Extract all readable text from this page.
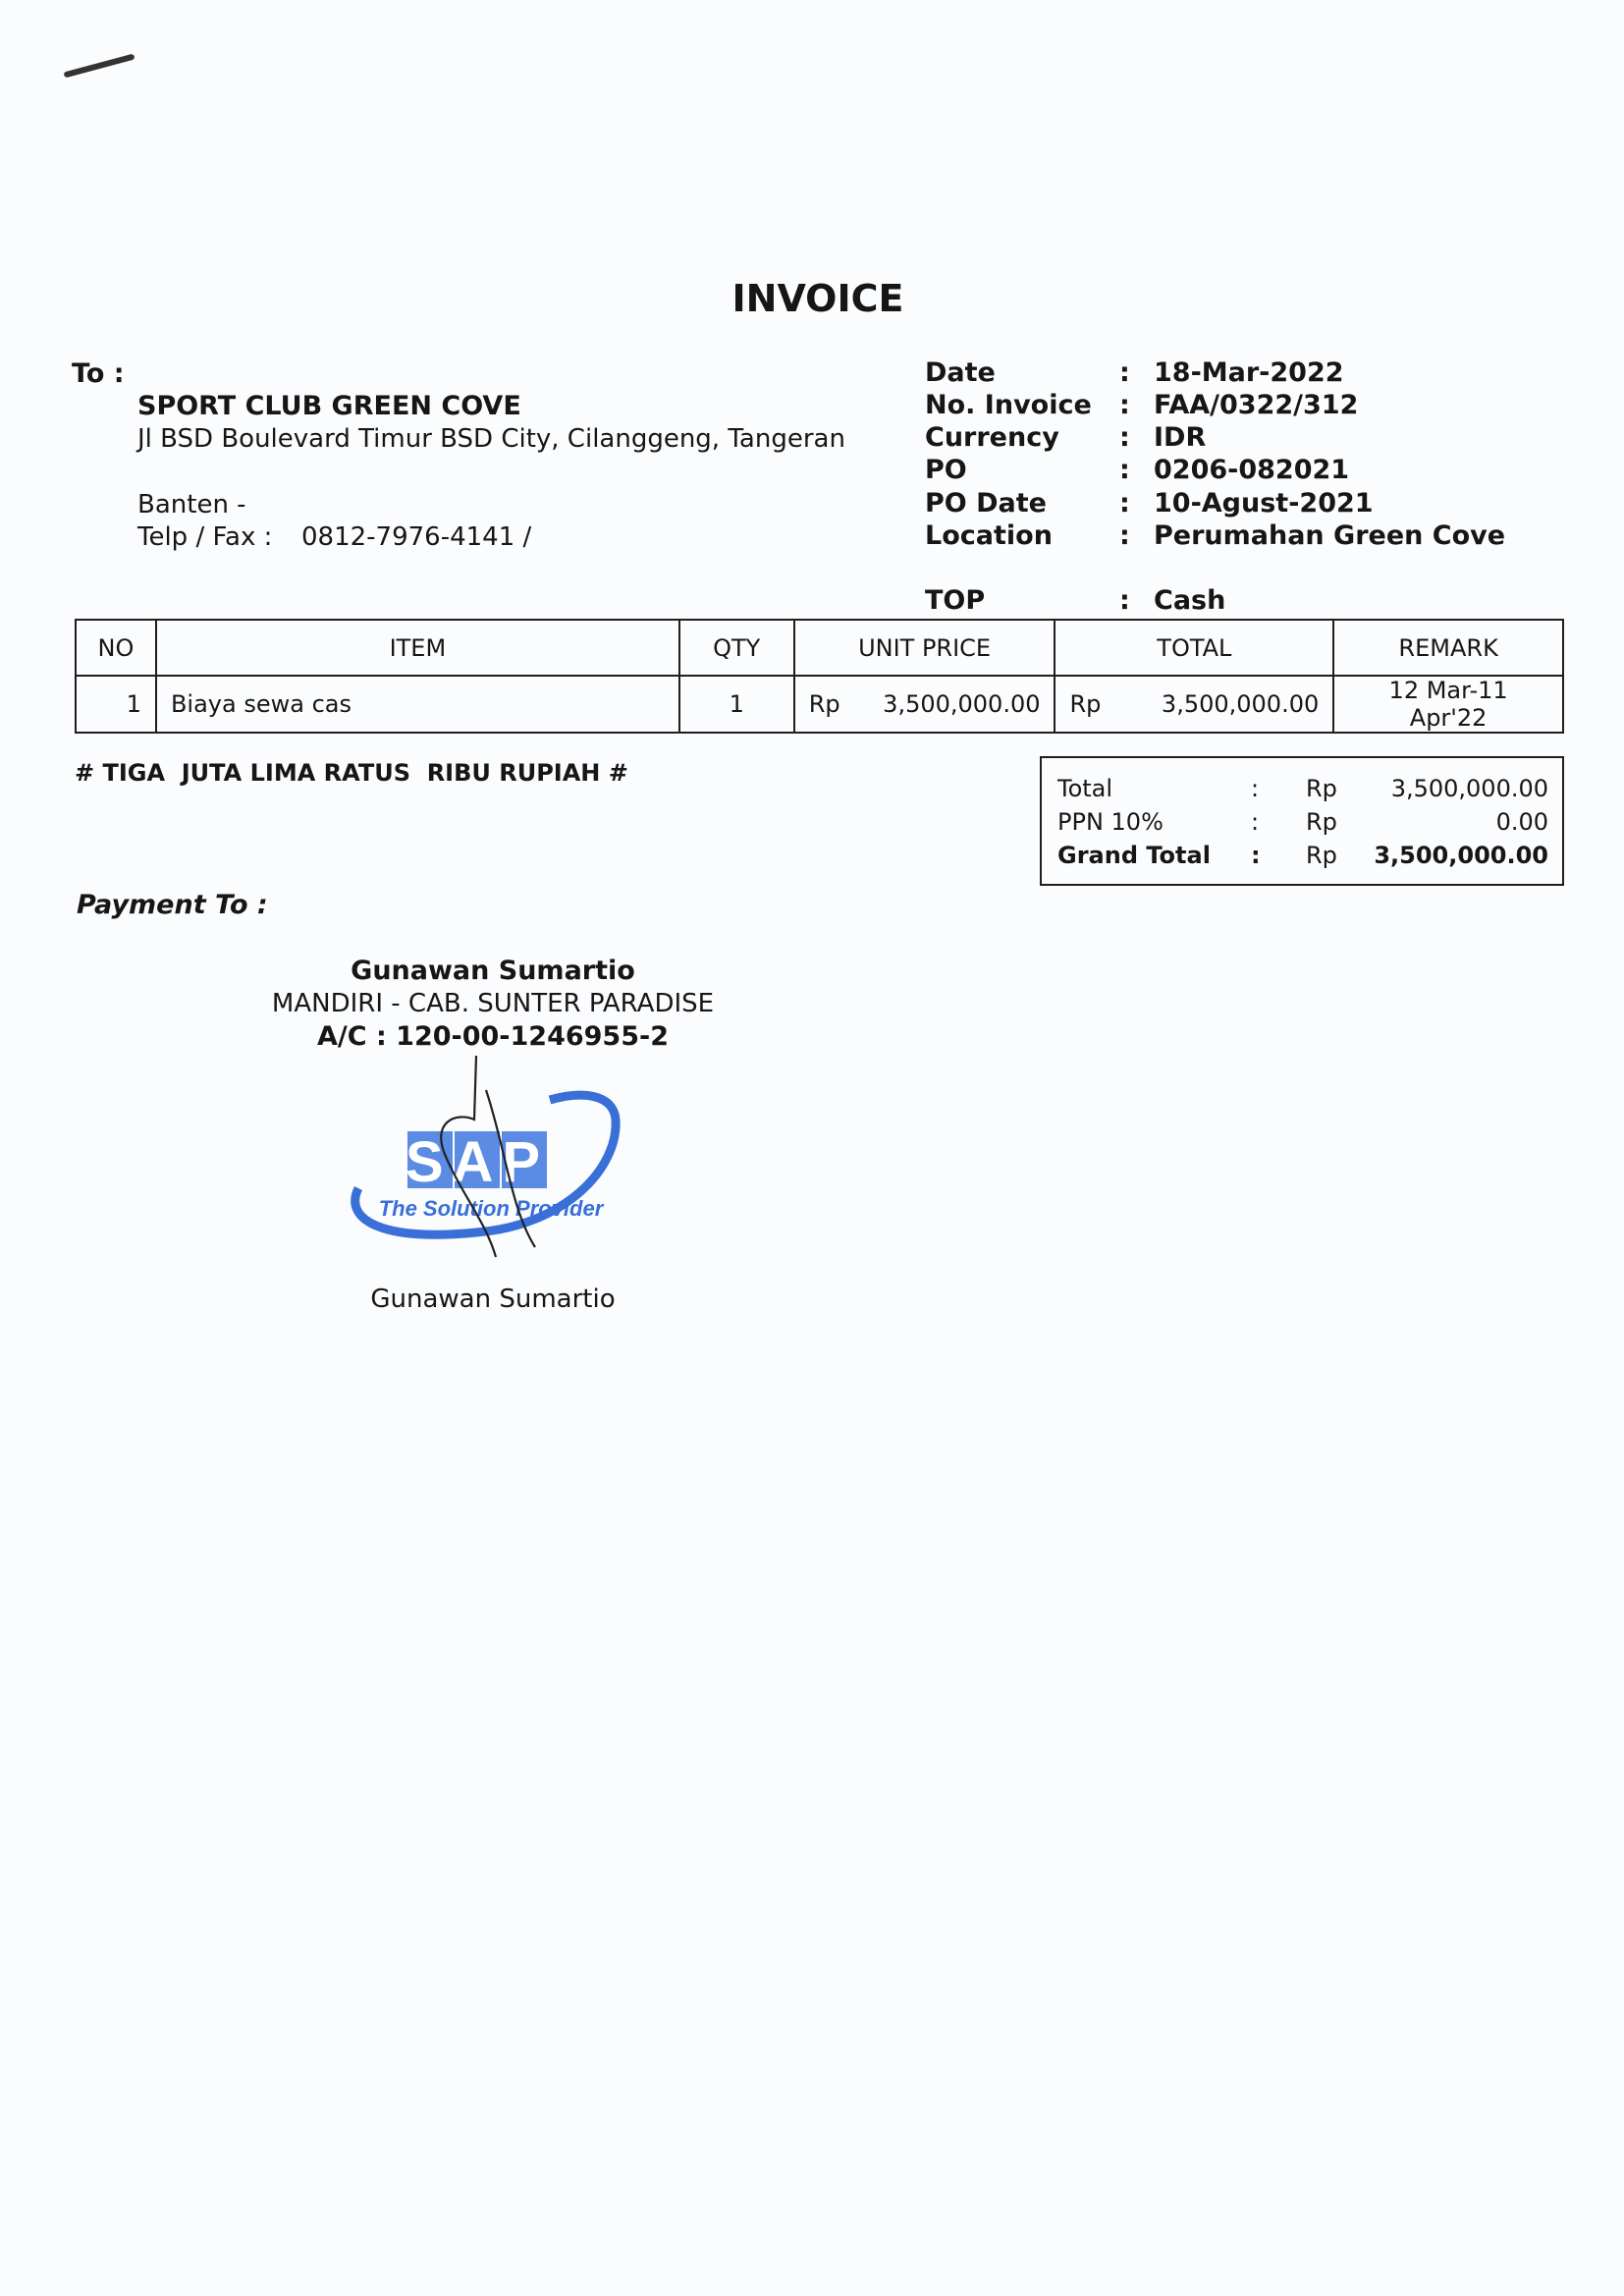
INVOICE
To :
SPORT CLUB GREEN COVE
Jl BSD Boulevard Timur BSD City, Cilanggeng, Tangeran
Banten -
Telp / Fax : 0812-7976-4141 /
Date	: 18-Mar-2022
No. Invoice : FAA/0322/312
Currency : IDR
PO	: 0206-082021
PO Date	: 10-Agust-2021
Location	: Perumahan Green Cove
TOP	: Cash
NO	ITEM	QTY	UNIT PRICE	TOTAL	REMARK
1	Biaya sewa cas	1	Rp 3,500,000.00	Rp 3,500,000.00	12 Mar-11 Apr'22
# TIGA  JUTA LIMA RATUS  RIBU RUPIAH #
Total	: Rp 3,500,000.00
PPN 10%	: Rp	0.00
Grand Total : Rp 3,500,000.00
Payment To :
Gunawan Sumartio
MANDIRI - CAB. SUNTER PARADISE
A/C : 120-00-1246955-2
SAP
The Solution Provider
Gunawan Sumartio
